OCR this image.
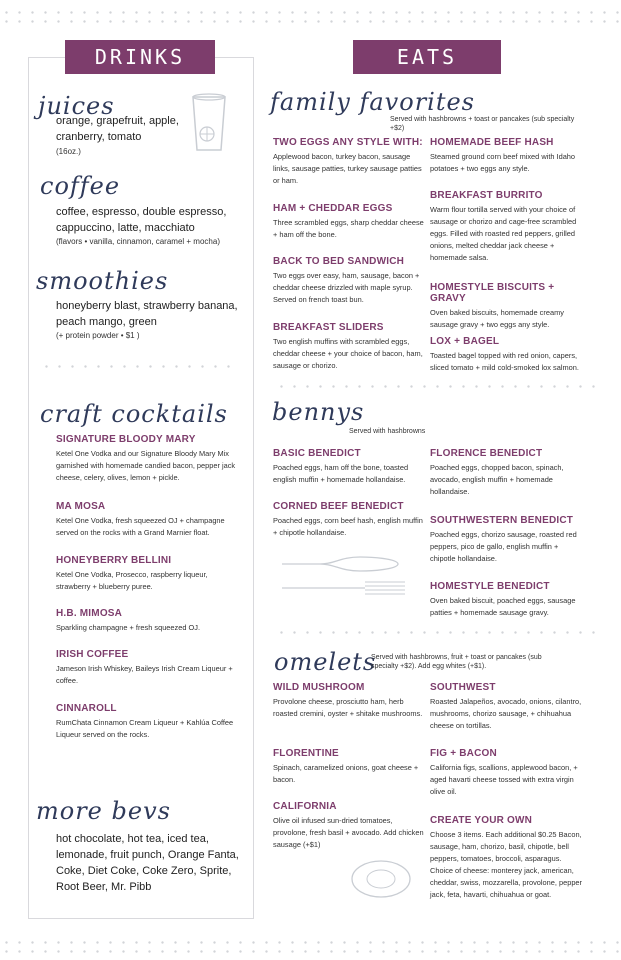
DRINKS
juices
orange, grapefruit, apple, cranberry, tomato
(16oz.)
coffee
coffee, espresso, double espresso, cappuccino, latte, macchiato
(flavors • vanilla, cinnamon, caramel + mocha)
smoothies
honeyberry blast, strawberry banana, peach mango, green
(+ protein powder • $1 )
craft cocktails
SIGNATURE BLOODY MARY
Ketel One Vodka and our Signature Bloody Mary Mix garnished with homemade candied bacon, pepper jack cheese, celery, olives, lemon + pickle.
MA MOSA
Ketel One Vodka, fresh squeezed OJ + champagne served on the rocks with a Grand Marnier float.
HONEYBERRY BELLINI
Ketel One Vodka, Prosecco, raspberry liqueur, strawberry + blueberry puree.
H.B. MIMOSA
Sparkling champagne + fresh squeezed OJ.
IRISH COFFEE
Jameson Irish Whiskey, Baileys Irish Cream Liqueur + coffee.
CINNAROLL
RumChata Cinnamon Cream Liqueur + Kahlúa Coffee Liqueur served on the rocks.
more bevs
hot chocolate, hot tea, iced tea, lemonade, fruit punch, Orange Fanta, Coke, Diet Coke, Coke Zero, Sprite, Root Beer, Mr. Pibb
EATS
family favorites
Served with hashbrowns + toast or pancakes (sub specialty +$2)
TWO EGGS ANY STYLE WITH:
Applewood bacon, turkey bacon, sausage links, sausage patties, turkey sausage patties or ham.
HAM + CHEDDAR EGGS
Three scrambled eggs, sharp cheddar cheese + ham off the bone.
BACK TO BED SANDWICH
Two eggs over easy, ham, sausage, bacon + cheddar cheese drizzled with maple syrup. Served on french toast bun.
BREAKFAST SLIDERS
Two english muffins with scrambled eggs, cheddar cheese + your choice of bacon, ham, sausage or chorizo.
HOMEMADE BEEF HASH
Steamed ground corn beef mixed with Idaho potatoes + two eggs any style.
BREAKFAST BURRITO
Warm flour tortilla served with your choice of sausage or chorizo and cage-free scrambled eggs. Filled with roasted red peppers, grilled onions, melted cheddar jack cheese + homemade salsa.
HOMESTYLE BISCUITS + GRAVY
Oven baked biscuits, homemade creamy sausage gravy + two eggs any style.
LOX + BAGEL
Toasted bagel topped with red onion, capers, sliced tomato + mild cold-smoked lox salmon.
bennys
Served with hashbrowns
BASIC BENEDICT
Poached eggs, ham off the bone, toasted english muffin + homemade hollandaise.
CORNED BEEF BENEDICT
Poached eggs, corn beef hash, english muffin + chipotle hollandaise.
FLORENCE BENEDICT
Poached eggs, chopped bacon, spinach, avocado, english muffin + homemade hollandaise.
SOUTHWESTERN BENEDICT
Poached eggs, chorizo sausage, roasted red peppers, pico de gallo, english muffin + chipotle hollandaise.
HOMESTYLE BENEDICT
Oven baked biscuit, poached eggs, sausage patties + homemade sausage gravy.
omelets
Served with hashbrowns, fruit + toast or pancakes (sub specialty +$2). Add egg whites (+$1).
WILD MUSHROOM
Provolone cheese, prosciutto ham, herb roasted cremini, oyster + shitake mushrooms.
FLORENTINE
Spinach, caramelized onions, goat cheese + bacon.
CALIFORNIA
Olive oil infused sun-dried tomatoes, provolone, fresh basil + avocado. Add chicken sausage (+$1)
SOUTHWEST
Roasted Jalapeños, avocado, onions, cilantro, mushrooms, chorizo sausage, + chihuahua cheese on tortillas.
FIG + BACON
California figs, scallions, applewood bacon, + aged havarti cheese tossed with extra virgin olive oil.
CREATE YOUR OWN
Choose 3 items. Each additional $0.25 Bacon, sausage, ham, chorizo, basil, chipotle, bell peppers, tomatoes, broccoli, asparagus. Choice of cheese: monterey jack, american, cheddar, swiss, mozzarella, provolone, pepper jack, feta, havarti, chihuahua or goat.
